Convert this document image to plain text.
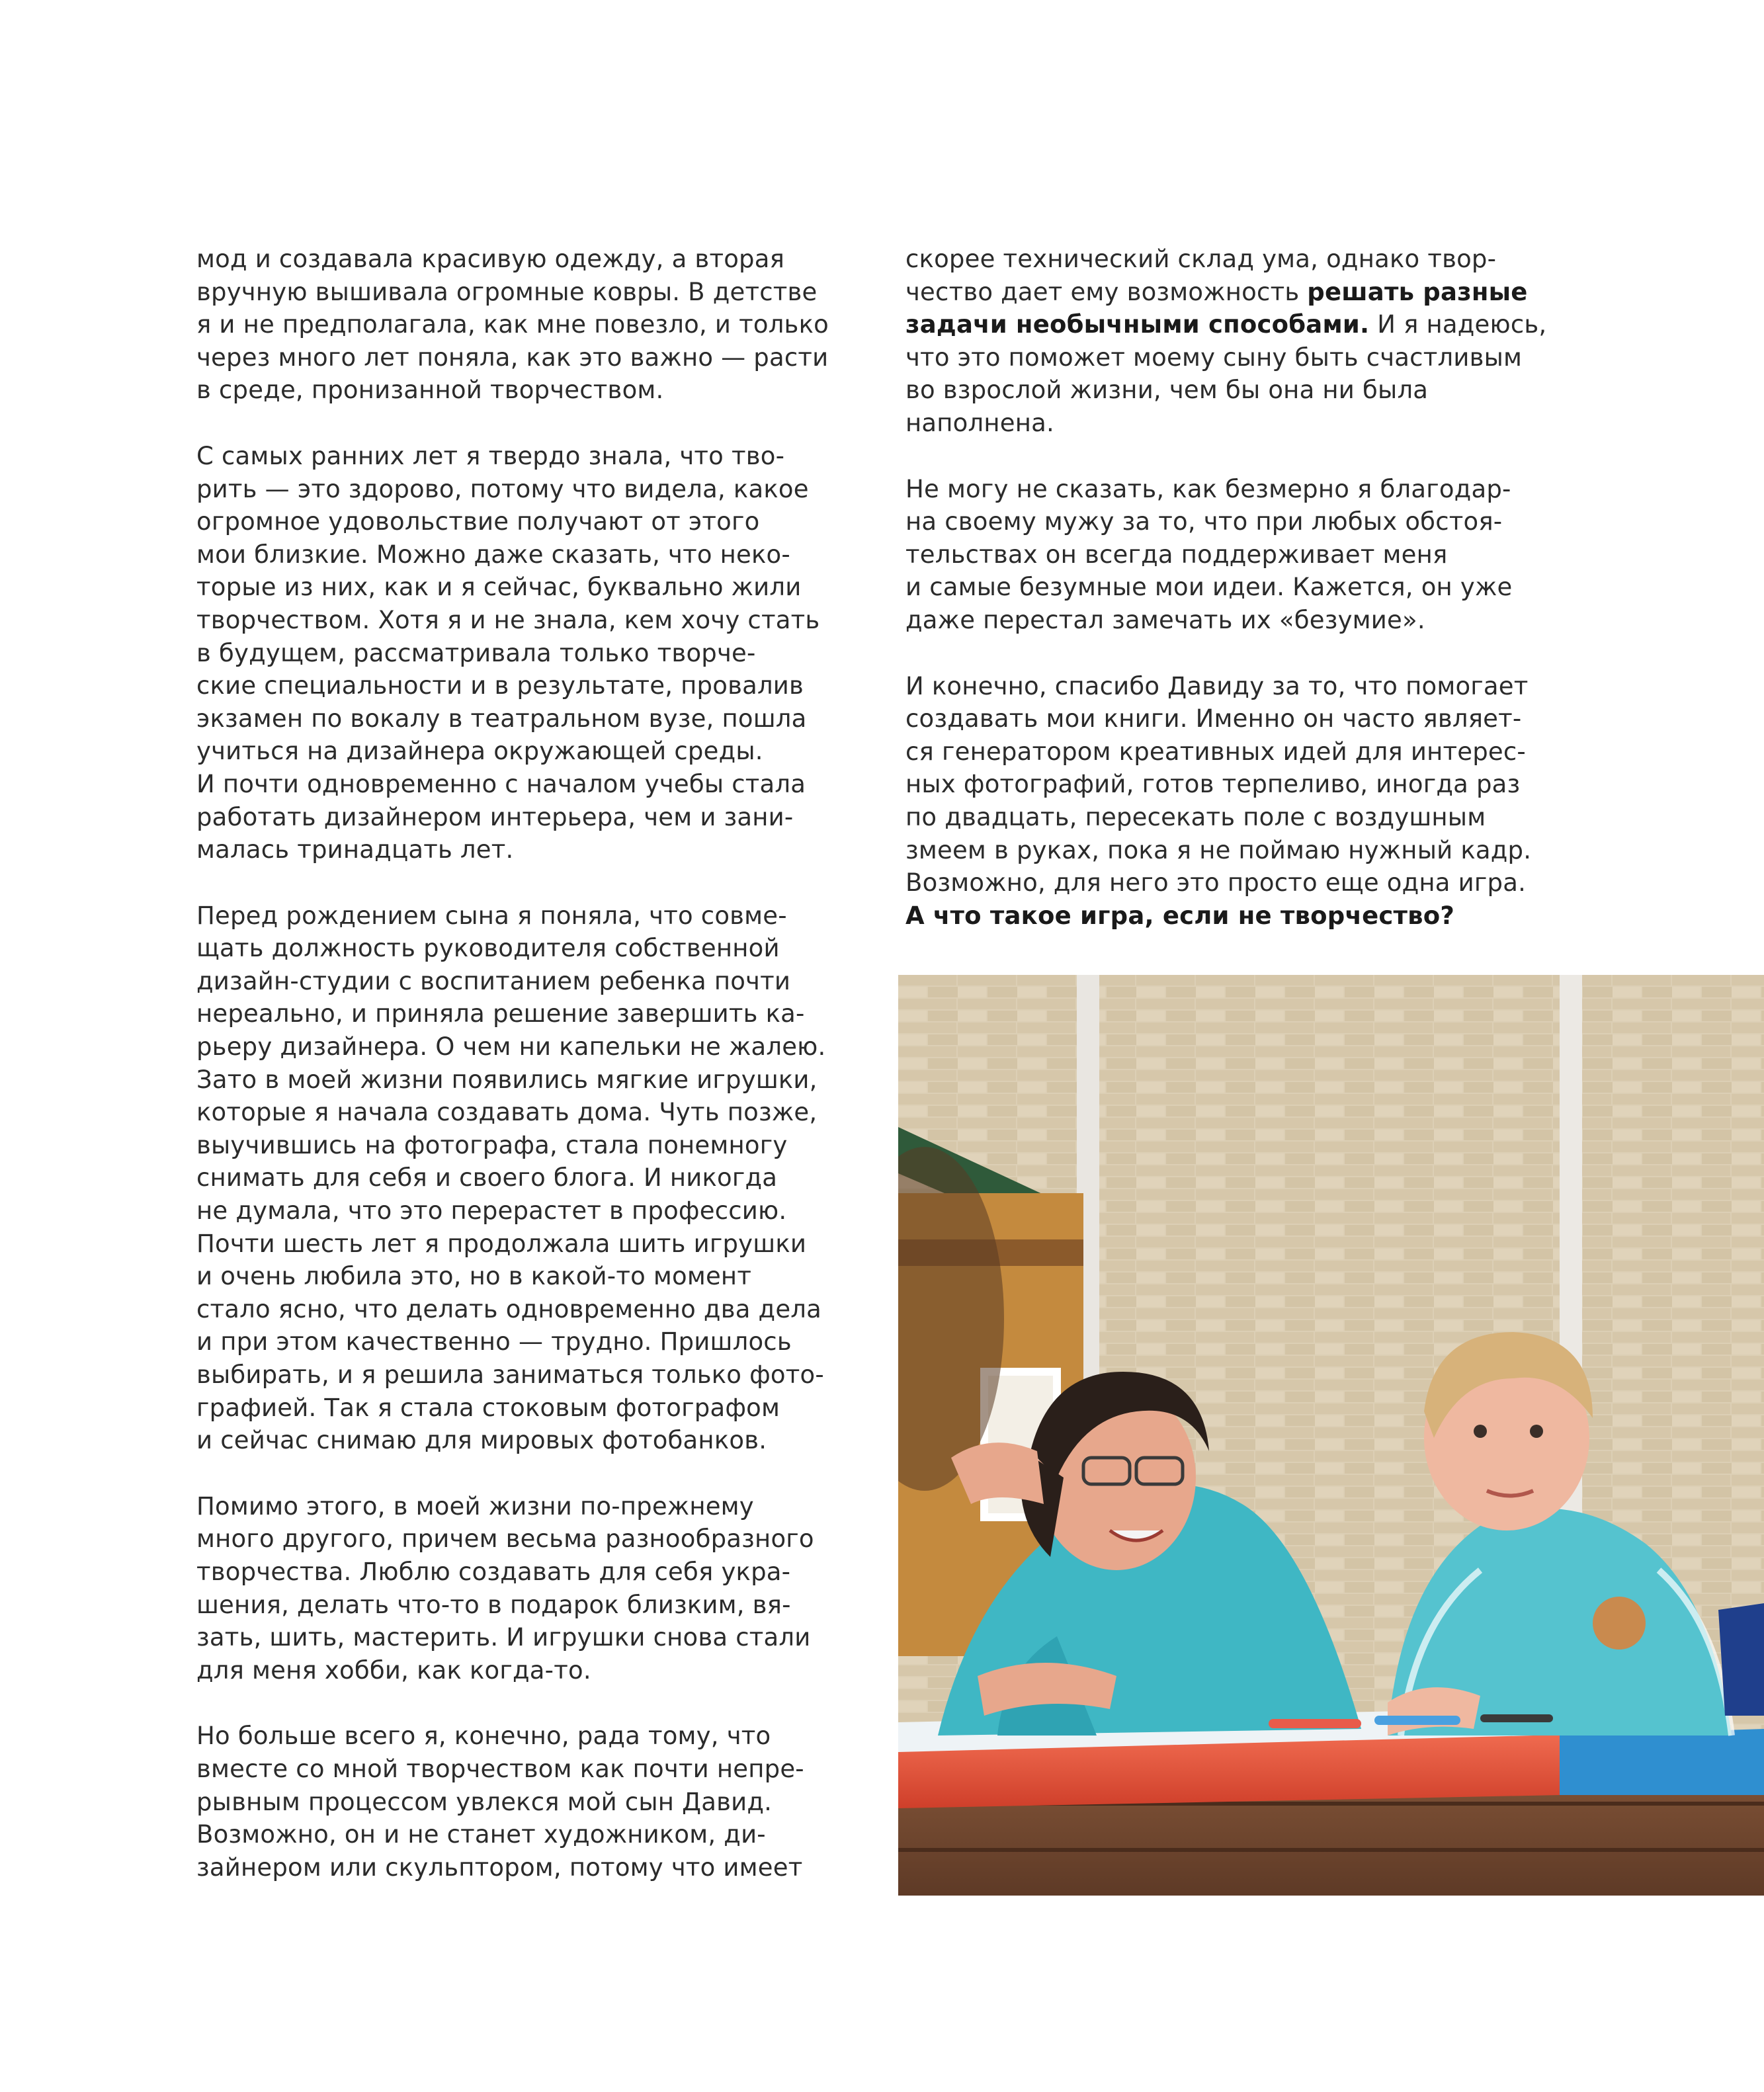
мод и создавала красивую одежду, а вторая
вручную вышивала огромные ковры. В детстве
я и не предполагала, как мне повезло, и только
через много лет поняла, как это важно — расти
в среде, пронизанной творчеством.
С самых ранних лет я твердо знала, что тво-
рить — это здорово, потому что видела, какое
огромное удовольствие получают от этого
мои близкие. Можно даже сказать, что неко-
торые из них, как и я сейчас, буквально жили
творчеством. Хотя я и не знала, кем хочу стать
в будущем, рассматривала только творче-
ские специальности и в результате, провалив
экзамен по вокалу в театральном вузе, пошла
учиться на дизайнера окружающей среды.
И почти одновременно с началом учебы стала
работать дизайнером интерьера, чем и зани-
малась тринадцать лет.
Перед рождением сына я поняла, что совме-
щать должность руководителя собственной
дизайн-студии с воспитанием ребенка почти
нереально, и приняла решение завершить ка-
рьеру дизайнера. О чем ни капельки не жалею.
Зато в моей жизни появились мягкие игрушки,
которые я начала создавать дома. Чуть позже,
выучившись на фотографа, стала понемногу
снимать для себя и своего блога. И никогда
не думала, что это перерастет в профессию.
Почти шесть лет я продолжала шить игрушки
и очень любила это, но в какой-то момент
стало ясно, что делать одновременно два дела
и при этом качественно — трудно. Пришлось
выбирать, и я решила заниматься только фото-
графией. Так я стала стоковым фотографом
и сейчас снимаю для мировых фотобанков.
Помимо этого, в моей жизни по-прежнему
много другого, причем весьма разнообразного
творчества. Люблю создавать для себя укра-
шения, делать что-то в подарок близким, вя-
зать, шить, мастерить. И игрушки снова стали
для меня хобби, как когда-то.
Но больше всего я, конечно, рада тому, что
вместе со мной творчеством как почти непре-
рывным процессом увлекся мой сын Давид.
Возможно, он и не станет художником, ди-
зайнером или скульптором, потому что имеет
скорее технический склад ума, однако твор-
чество дает ему возможность решать разные
задачи необычными способами. И я надеюсь,
что это поможет моему сыну быть счастливым
во взрослой жизни, чем бы она ни была
наполнена.
Не могу не сказать, как безмерно я благодар-
на своему мужу за то, что при любых обстоя-
тельствах он всегда поддерживает меня
и самые безумные мои идеи. Кажется, он уже
даже перестал замечать их «безумие».
И конечно, спасибо Давиду за то, что помогает
создавать мои книги. Именно он часто являет-
ся генератором креативных идей для интерес-
ных фотографий, готов терпеливо, иногда раз
по двадцать, пересекать поле с воздушным
змеем в руках, пока я не поймаю нужный кадр.
Возможно, для него это просто еще одна игра.
А что такое игра, если не творчество?
